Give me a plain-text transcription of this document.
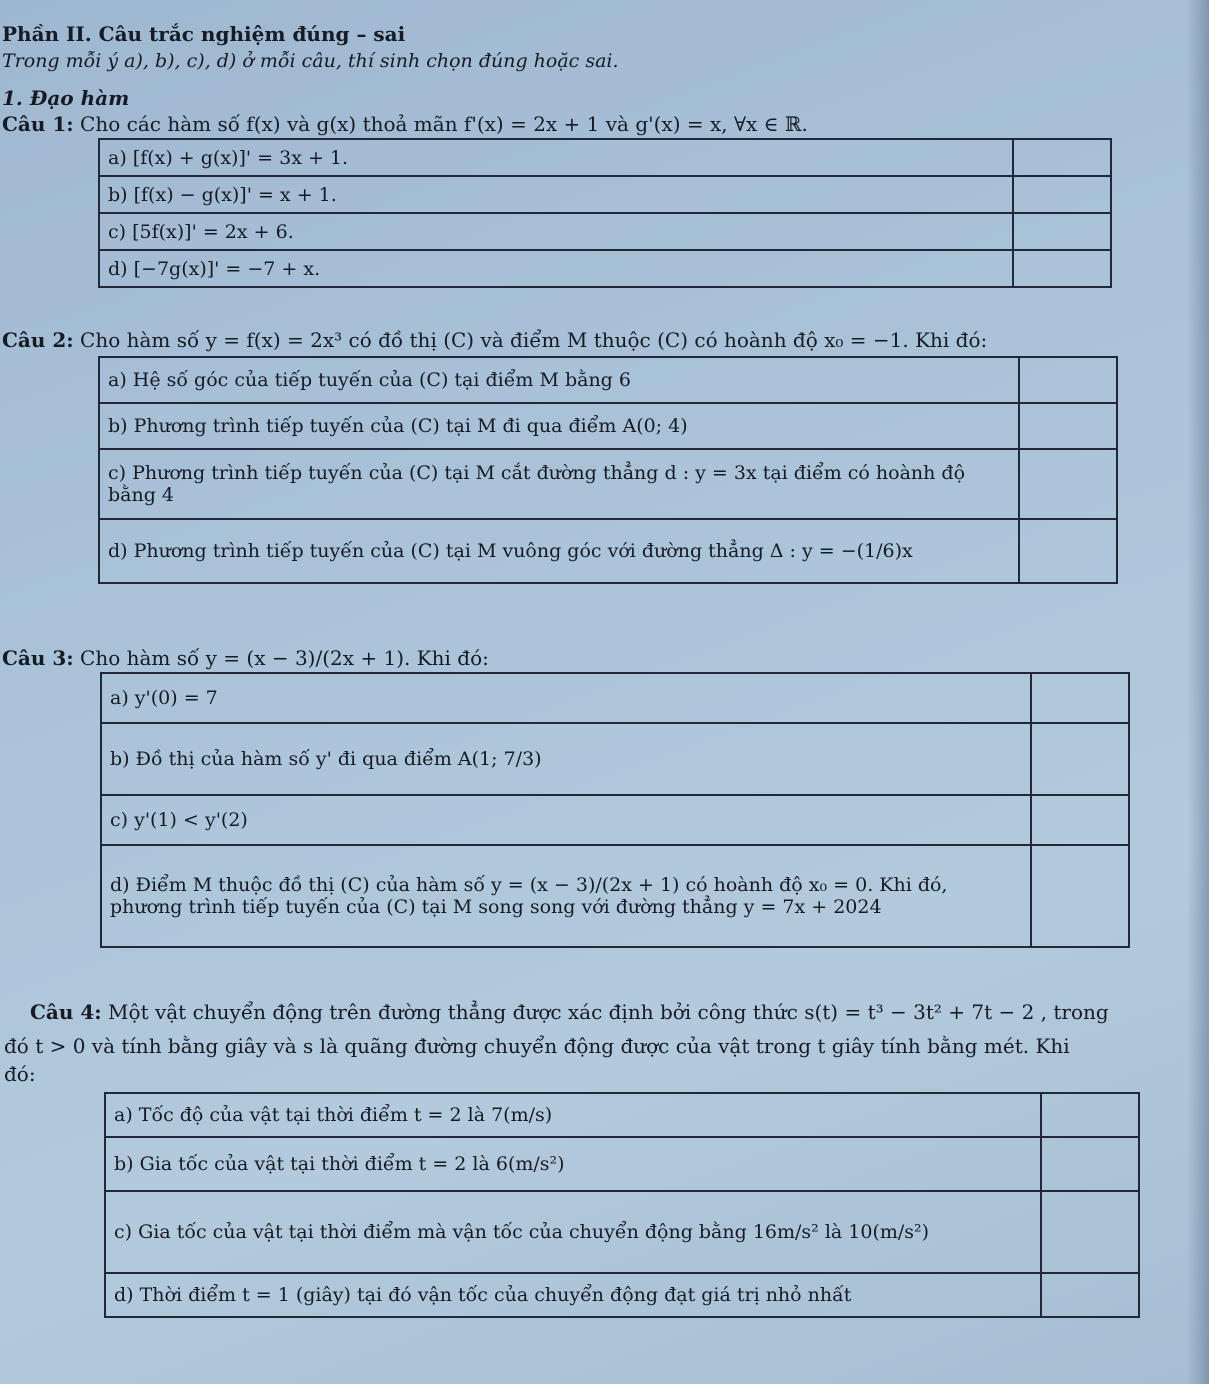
Phần II. Câu trắc nghiệm đúng – sai
Trong mỗi ý a), b), c), d) ở mỗi câu, thí sinh chọn đúng hoặc sai.
1. Đạo hàm
Câu 1: Cho các hàm số f(x) và g(x) thoả mãn f'(x) = 2x + 1 và g'(x) = x, ∀x ∈ ℝ.
a) [f(x) + g(x)]' = 3x + 1.	
b) [f(x) − g(x)]' = x + 1.	
c) [5f(x)]' = 2x + 6.	
d) [−7g(x)]' = −7 + x.	
Câu 2: Cho hàm số y = f(x) = 2x³ có đồ thị (C) và điểm M thuộc (C) có hoành độ x₀ = −1. Khi đó:
a) Hệ số góc của tiếp tuyến của (C) tại điểm M bằng 6	
b) Phương trình tiếp tuyến của (C) tại M đi qua điểm A(0; 4)	
c) Phương trình tiếp tuyến của (C) tại M cắt đường thẳng d : y = 3x tại điểm có hoành độ bằng 4	
d) Phương trình tiếp tuyến của (C) tại M vuông góc với đường thẳng Δ : y = −(1/6)x	
Câu 3: Cho hàm số y = (x − 3)/(2x + 1). Khi đó:
a) y'(0) = 7	
b) Đồ thị của hàm số y' đi qua điểm A(1; 7/3)	
c) y'(1) < y'(2)	
d) Điểm M thuộc đồ thị (C) của hàm số y = (x − 3)/(2x + 1) có hoành độ x₀ = 0. Khi đó, phương trình tiếp tuyến của (C) tại M song song với đường thẳng y = 7x + 2024	
Câu 4: Một vật chuyển động trên đường thẳng được xác định bởi công thức s(t) = t³ − 3t² + 7t − 2 , trong
đó t > 0 và tính bằng giây và s là quãng đường chuyển động được của vật trong t giây tính bằng mét. Khi
đó:
a) Tốc độ của vật tại thời điểm t = 2 là 7(m/s)	
b) Gia tốc của vật tại thời điểm t = 2 là 6(m/s²)	
c) Gia tốc của vật tại thời điểm mà vận tốc của chuyển động bằng 16m/s² là 10(m/s²)	
d) Thời điểm t = 1 (giây) tại đó vận tốc của chuyển động đạt giá trị nhỏ nhất	
